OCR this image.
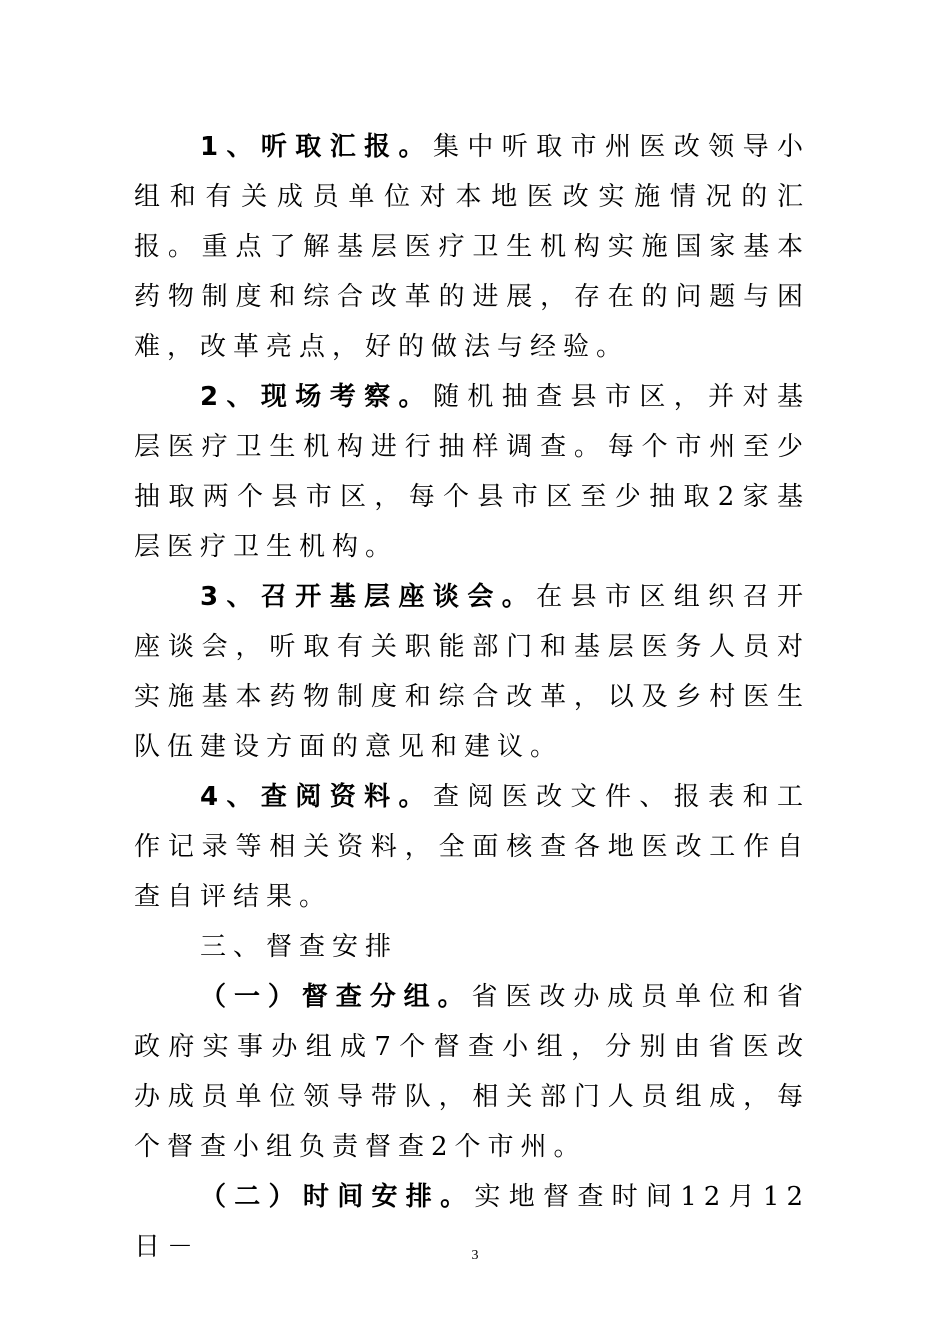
1、听取汇报。集中听取市州医改领导小组和有关成员单位对本地医改实施情况的汇报。重点了解基层医疗卫生机构实施国家基本药物制度和综合改革的进展，存在的问题与困难，改革亮点，好的做法与经验。

2、现场考察。随机抽查县市区，并对基层医疗卫生机构进行抽样调查。每个市州至少抽取两个县市区，每个县市区至少抽取2家基层医疗卫生机构。

3、召开基层座谈会。在县市区组织召开座谈会，听取有关职能部门和基层医务人员对实施基本药物制度和综合改革，以及乡村医生队伍建设方面的意见和建议。

4、查阅资料。查阅医改文件、报表和工作记录等相关资料，全面核查各地医改工作自查自评结果。

三、督查安排

（一）督查分组。省医改办成员单位和省政府实事办组成7个督查小组，分别由省医改办成员单位领导带队，相关部门人员组成，每个督查小组负责督查2个市州。

（二）时间安排。实地督查时间12月12日－	3
